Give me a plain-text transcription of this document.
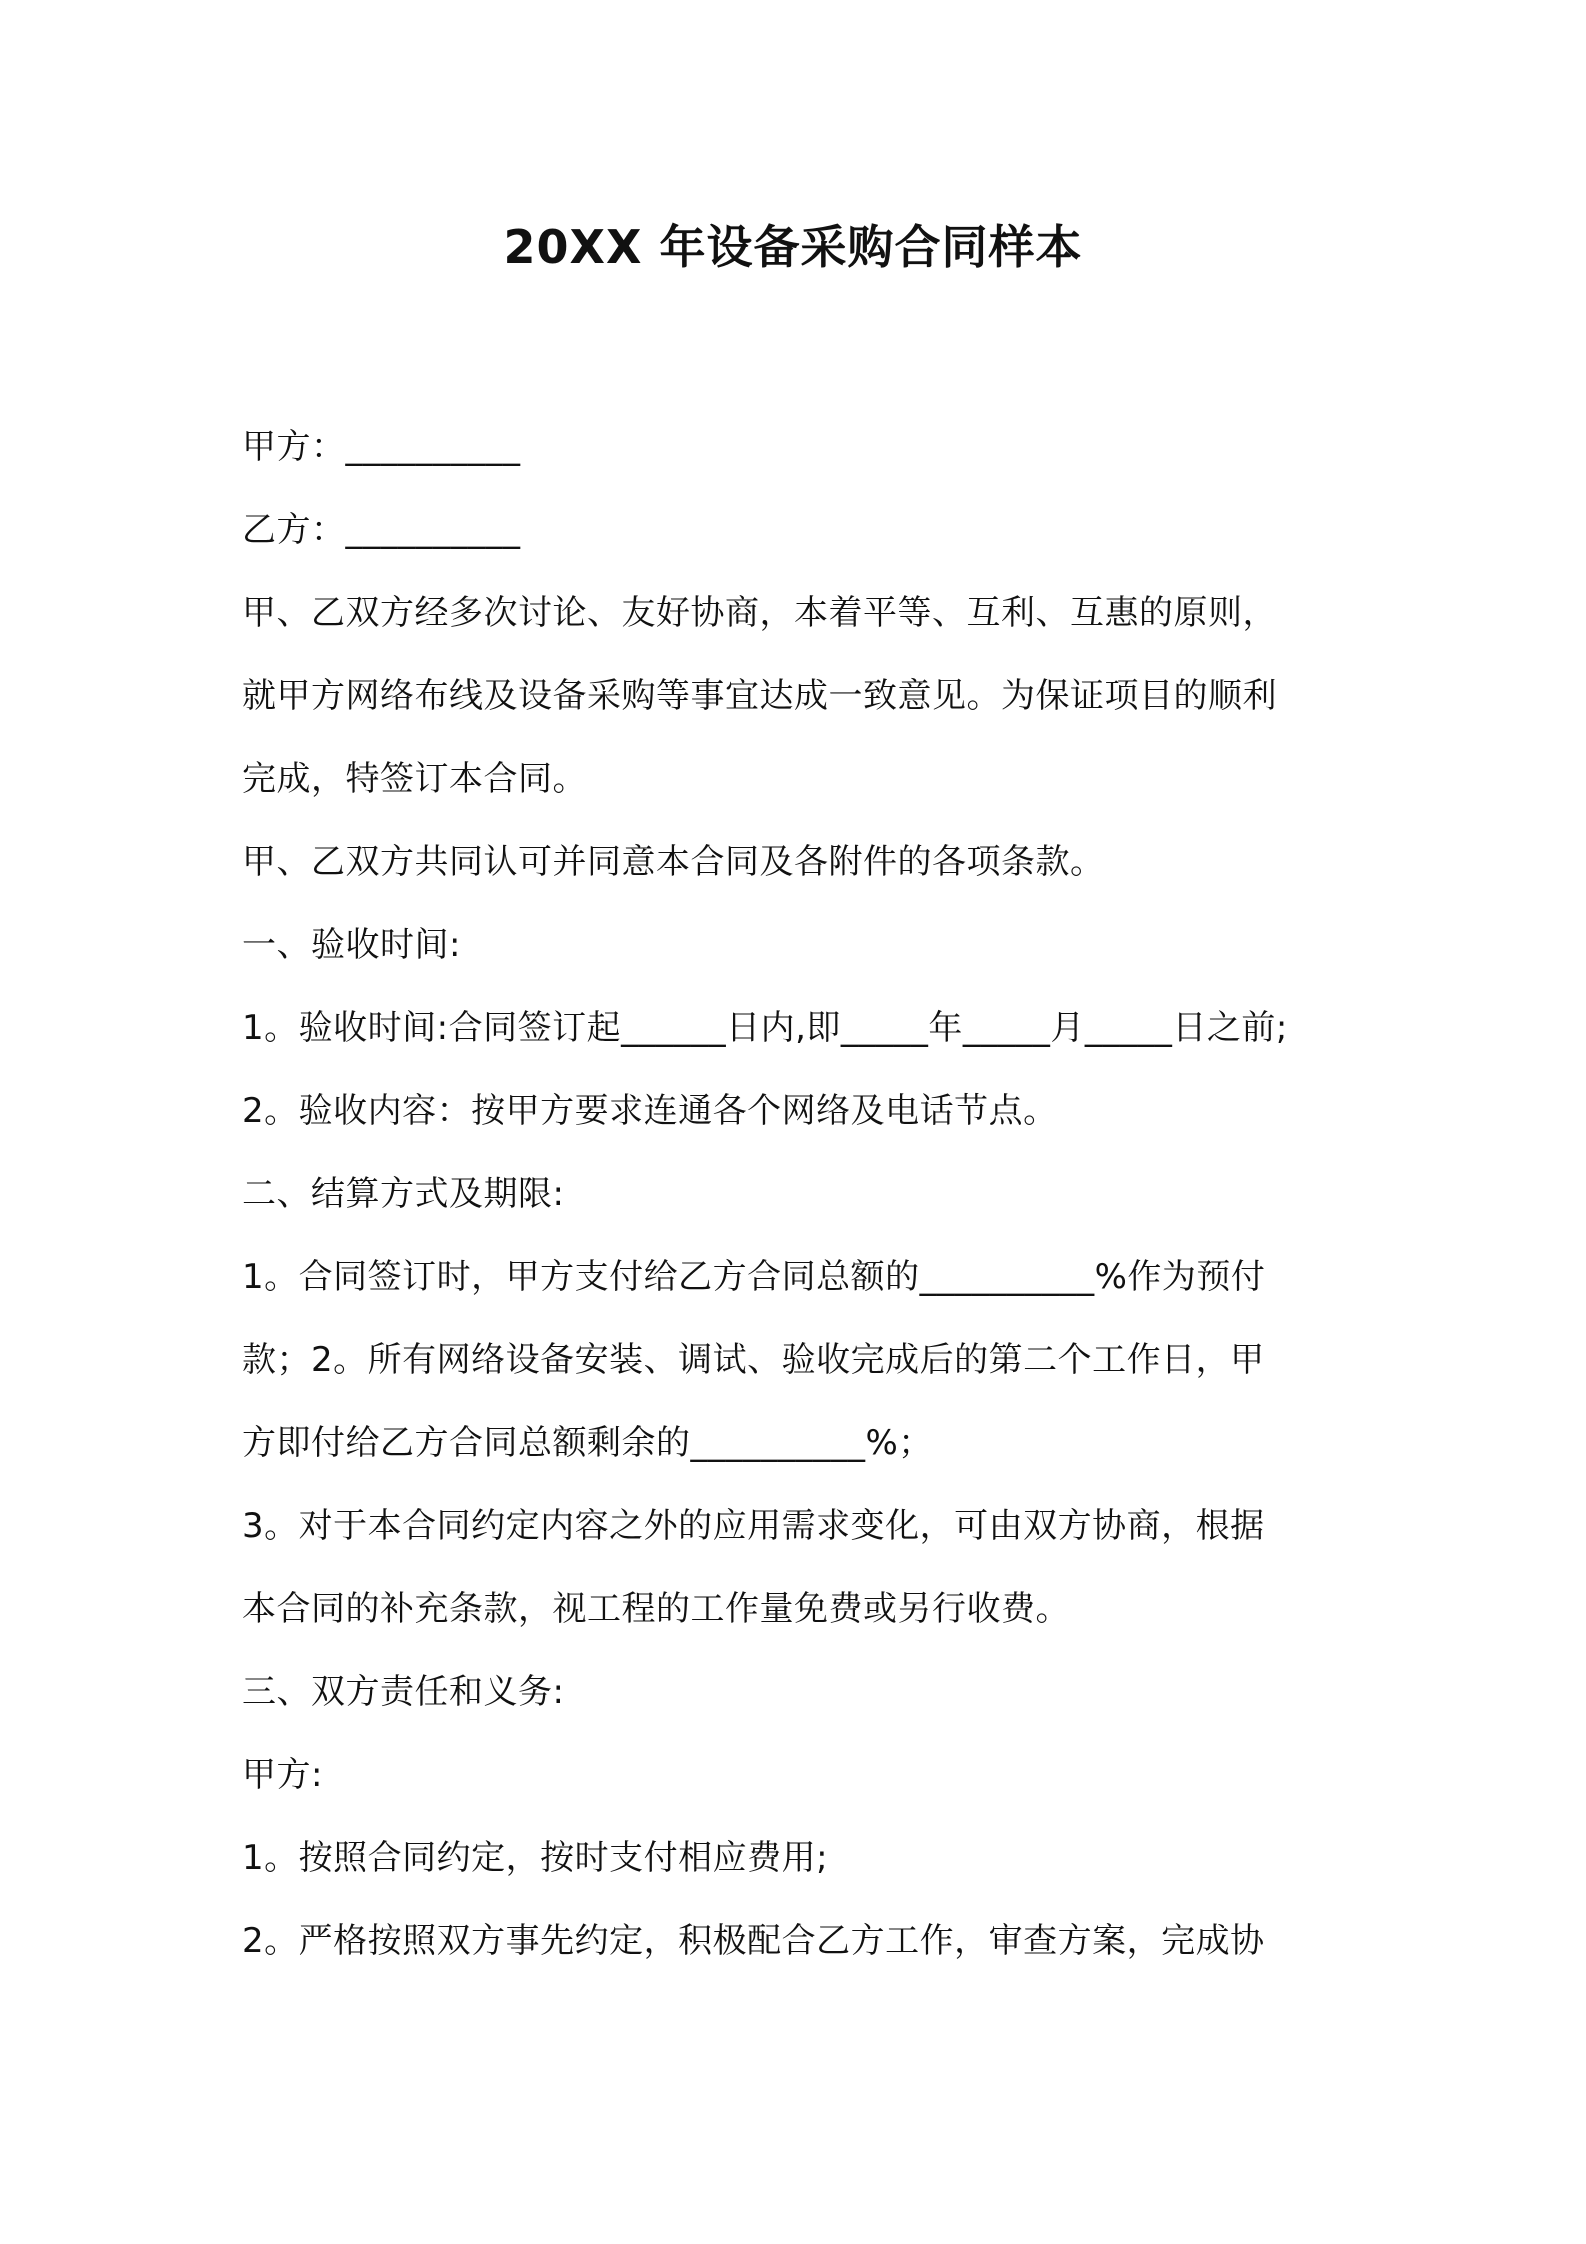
20XX 年设备采购合同样本
甲方：__________
乙方：__________
甲、乙双方经多次讨论、友好协商，本着平等、互利、互惠的原则，
就甲方网络布线及设备采购等事宜达成一致意见。为保证项目的顺利
完成，特签订本合同。
甲、乙双方共同认可并同意本合同及各附件的各项条款。
一、验收时间:
1。验收时间:合同签订起______日内,即_____年_____月_____日之前;
2。验收内容：按甲方要求连通各个网络及电话节点。
二、结算方式及期限:
1。合同签订时，甲方支付给乙方合同总额的__________%作为预付
款；2。所有网络设备安装、调试、验收完成后的第二个工作日，甲
方即付给乙方合同总额剩余的__________%；
3。对于本合同约定内容之外的应用需求变化，可由双方协商，根据
本合同的补充条款，视工程的工作量免费或另行收费。
三、双方责任和义务:
甲方:
1。按照合同约定，按时支付相应费用;
2。严格按照双方事先约定，积极配合乙方工作，审查方案，完成协
